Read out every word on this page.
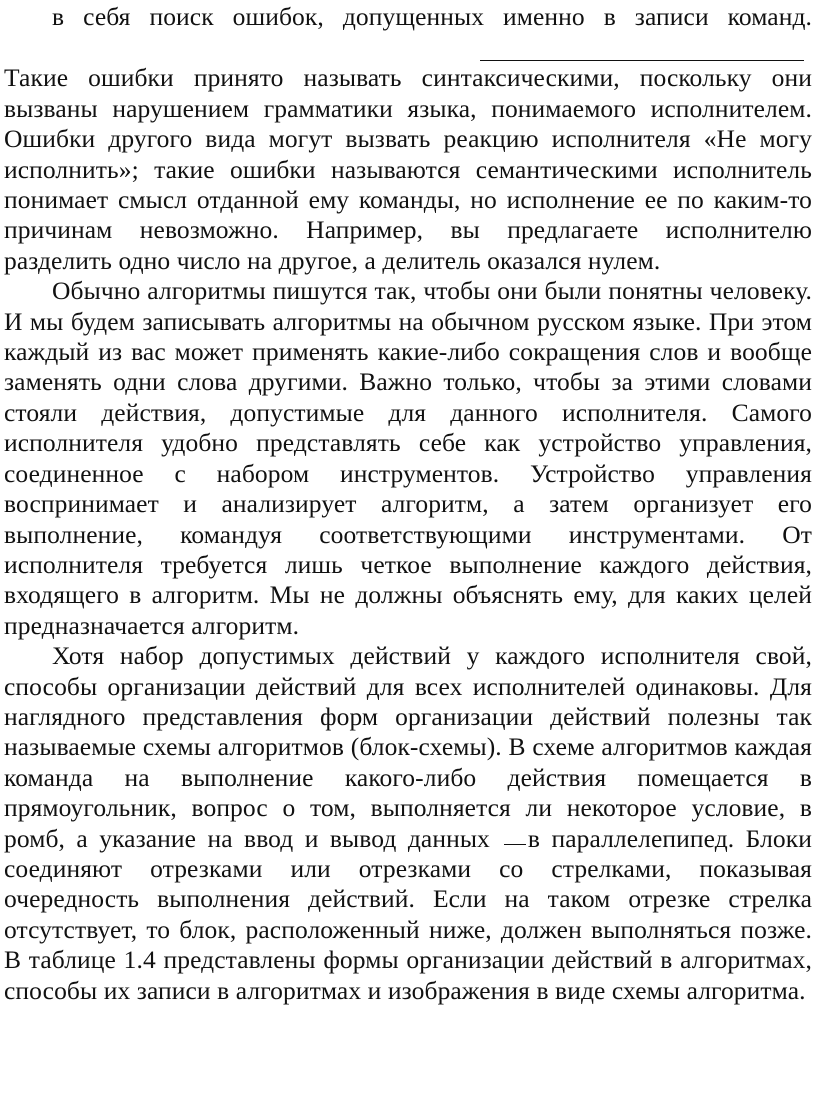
в себя поиск ошибок, допущенных именно в записи команд.

Такие ошибки принято называть синтаксическими, поскольку они вызваны нарушением грамматики языка, понимаемого исполнителем. Ошибки другого вида могут вызвать реакцию исполнителя «Не могу исполнить»; такие ошибки называются семантическими исполнитель понимает смысл отданной ему команды, но исполнение ее по каким-то причинам невозможно. Например, вы предлагаете исполнителю разделить одно число на другое, а делитель оказался нулем.

Обычно алгоритмы пишутся так, чтобы они были понятны человеку. И мы будем записывать алгоритмы на обычном русском языке. При этом каждый из вас может применять какие-либо сокращения слов и вообще заменять одни слова другими. Важно только, чтобы за этими словами стояли действия, допустимые для данного исполнителя. Самого исполнителя удобно представлять себе как устройство управления, соединенное с набором инструментов. Устройство управления воспринимает и анализирует алгоритм, а затем организует его выполнение, командуя соответствующими инструментами. От исполнителя требуется лишь четкое выполнение каждого действия, входящего в алгоритм. Мы не должны объяснять ему, для каких целей предназначается алгоритм.

Хотя набор допустимых действий у каждого исполнителя свой, способы организации действий для всех исполнителей одинаковы. Для наглядного представления форм организации действий полезны так называемые схемы алгоритмов (блок-схемы). В схеме алгоритмов каждая команда на выполнение какого-либо действия помещается в прямоугольник, вопрос о том, выполняется ли некоторое условие, в ромб, а указание на ввод и вывод данных в параллелепипед. Блоки соединяют отрезками или отрезками со стрелками, показывая очередность выполнения действий. Если на таком отрезке стрелка отсутствует, то блок, расположенный ниже, должен выполняться позже. В таблице 1.4 представлены формы организации действий в алгоритмах, способы их записи в алгоритмах и изображения в виде схемы алгоритма.
